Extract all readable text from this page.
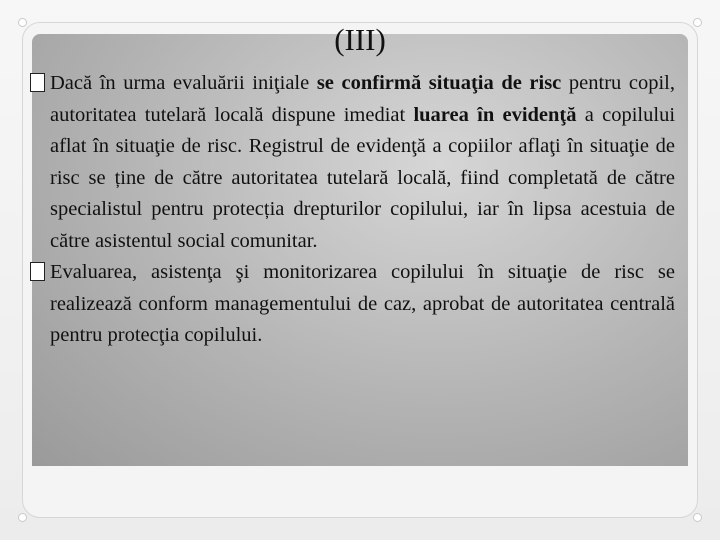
(III)

Dacă în urma evaluării iniţiale se confirmă situaţia de risc pentru copil, autoritatea tutelară locală dispune imediat luarea în evidenţă a copilului aflat în situaţie de risc. Registrul de evidenţă a copiilor aflaţi în situaţie de risc se ține de către autoritatea tutelară locală, fiind completată de către specialistul pentru protecția drepturilor copilului, iar în lipsa acestuia de către asistentul social comunitar.

Evaluarea, asistenţa şi monitorizarea copilului în situaţie de risc se realizează conform managementului de caz, aprobat de autoritatea centrală pentru protecţia copilului.
